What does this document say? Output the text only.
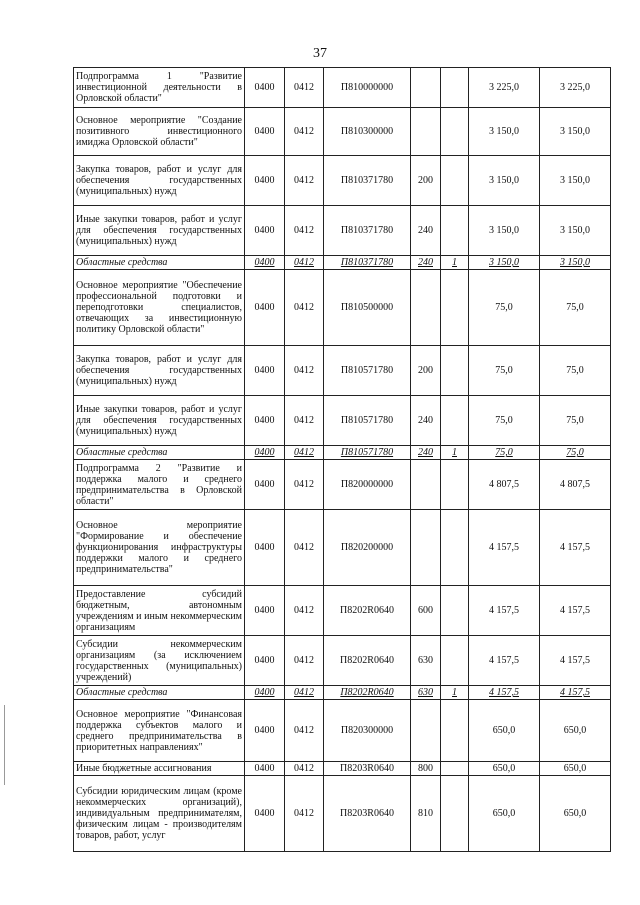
37
Подпрограмма 1 "Развитие инвестиционной деятельности в Орловской области"	0400	0412	П810000000			3 225,0	3 225,0
Основное мероприятие "Создание позитивного инвестиционного имиджа Орловской области"	0400	0412	П810300000			3 150,0	3 150,0
Закупка товаров, работ и услуг для обеспечения государственных (муниципальных) нужд	0400	0412	П810371780	200		3 150,0	3 150,0
Иные закупки товаров, работ и услуг для обеспечения государственных (муниципальных) нужд	0400	0412	П810371780	240		3 150,0	3 150,0
Областные средства	0400	0412	П810371780	240	1	3 150,0	3 150,0
Основное мероприятие "Обеспечение профессиональной подготовки и переподготовки специалистов, отвечающих за инвестиционную политику Орловской области"	0400	0412	П810500000			75,0	75,0
Закупка товаров, работ и услуг для обеспечения государственных (муниципальных) нужд	0400	0412	П810571780	200		75,0	75,0
Иные закупки товаров, работ и услуг для обеспечения государственных (муниципальных) нужд	0400	0412	П810571780	240		75,0	75,0
Областные средства	0400	0412	П810571780	240	1	75,0	75,0
Подпрограмма 2 "Развитие и поддержка малого и среднего предпринимательства в Орловской области"	0400	0412	П820000000			4 807,5	4 807,5
Основное мероприятие "Формирование и обеспечение функционирования инфраструктуры поддержки малого и среднего предпринимательства"	0400	0412	П820200000			4 157,5	4 157,5
Предоставление субсидий бюджетным, автономным учреждениям и иным некоммерческим организациям	0400	0412	П8202R0640	600		4 157,5	4 157,5
Субсидии некоммерческим организациям (за исключением государственных (муниципальных) учреждений)	0400	0412	П8202R0640	630		4 157,5	4 157,5
Областные средства	0400	0412	П8202R0640	630	1	4 157,5	4 157,5
Основное мероприятие "Финансовая поддержка субъектов малого и среднего предпринимательства в приоритетных направлениях"	0400	0412	П820300000			650,0	650,0
Иные бюджетные ассигнования	0400	0412	П8203R0640	800		650,0	650,0
Субсидии юридическим лицам (кроме некоммерческих организаций), индивидуальным предпринимателям, физическим лицам - производителям товаров, работ, услуг	0400	0412	П8203R0640	810		650,0	650,0
